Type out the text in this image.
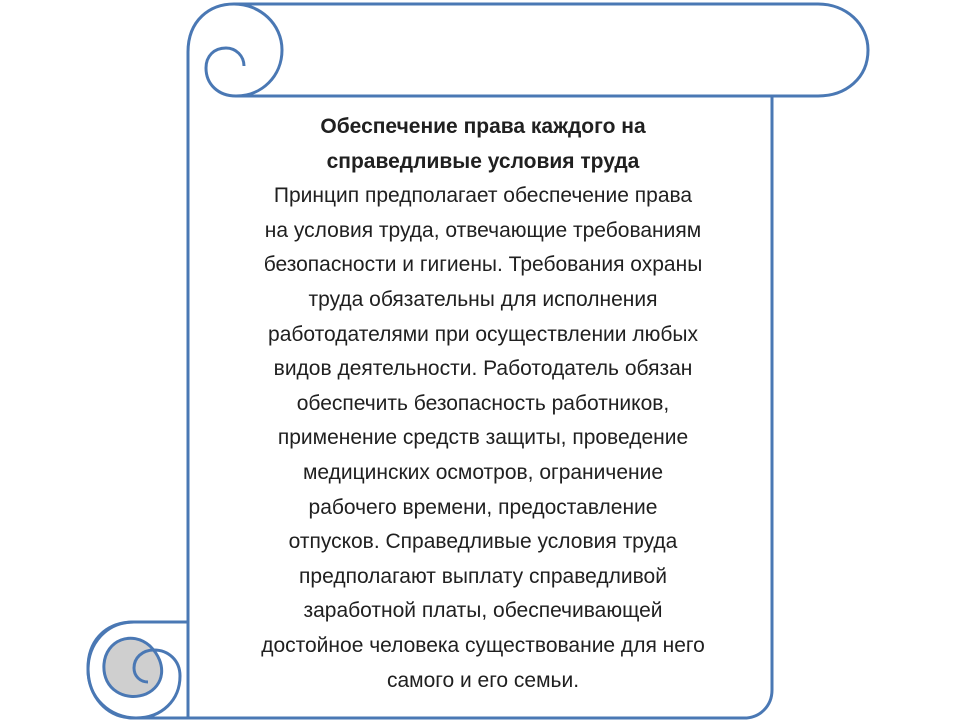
Обеспечение права каждого на
справедливые условия труда

Принцип предполагает обеспечение права
на условия труда, отвечающие требованиям
безопасности и гигиены. Требования охраны
труда обязательны для исполнения
работодателями при осуществлении любых
видов деятельности. Работодатель обязан
обеспечить безопасность работников,
применение средств защиты, проведение
медицинских осмотров, ограничение
рабочего времени, предоставление
отпусков. Справедливые условия труда
предполагают выплату справедливой
заработной платы, обеспечивающей
достойное человека существование для него
самого и его семьи.
